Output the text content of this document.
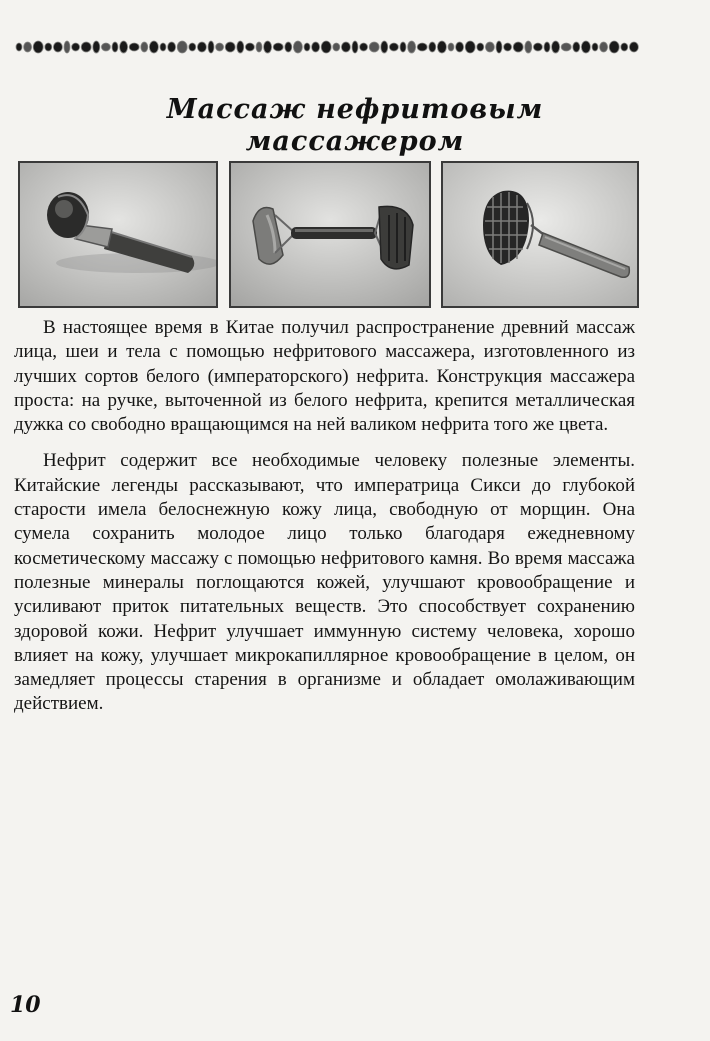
Массаж нефритовым
массажером

В настоящее время в Китае получил распространение древний массаж лица, шеи и тела с помощью нефритового массажера, изготовленного из лучших сортов белого (императорского) нефрита. Конструкция массажера проста: на ручке, выточенной из белого нефрита, крепится металлическая дужка со свободно вращающимся на ней валиком нефрита того же цвета.

Нефрит содержит все необходимые человеку полезные элементы. Китайские легенды рассказывают, что императрица Сикси до глубокой старости имела белоснежную кожу лица, свободную от морщин. Она сумела сохранить молодое лицо только благодаря ежедневному косметическому массажу с помощью нефритового камня. Во время массажа полезные минералы поглощаются кожей, улучшают кровообращение и усиливают приток питательных веществ. Это способствует сохранению здоровой кожи. Нефрит улучшает иммунную систему человека, хорошо влияет на кожу, улучшает микрокапиллярное кровообращение в целом, он замедляет процессы старения в организме и обладает омолаживающим действием.

10
